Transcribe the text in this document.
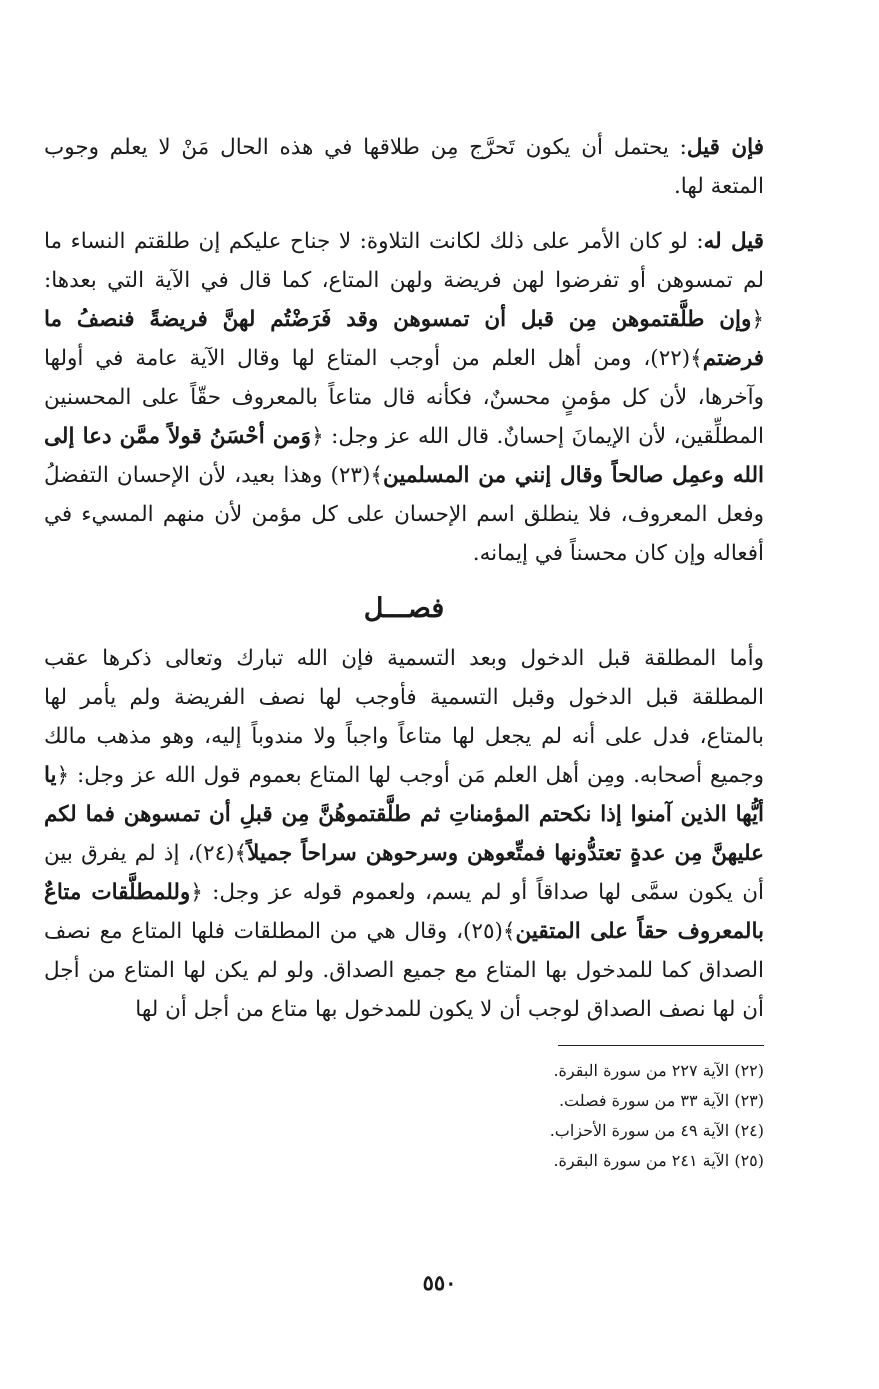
فإن قيل: يحتمل أن يكون تَحرَّج مِن طلاقها في هذه الحال مَنْ لا يعلم وجوب المتعة لها.

قيل له: لو كان الأمر على ذلك لكانت التلاوة: لا جناح عليكم إن طلقتم النساء ما لم تمسوهن أو تفرضوا لهن فريضة ولهن المتاع، كما قال في الآية التي بعدها: ﴿وإن طلَّقتموهن مِن قبل أن تمسوهن وقد فَرَضْتُم لهنَّ فريضةً فنصفُ ما فرضتم﴾(٢٢)، ومن أهل العلم من أوجب المتاع لها وقال الآية عامة في أولها وآخرها، لأن كل مؤمنٍ محسنٌ، فكأنه قال متاعاً بالمعروف حقّاً على المحسنين المطلِّقين، لأن الإيمانَ إحسانٌ. قال الله عز وجل: ﴿وَمن أحْسَنُ قولاً ممَّن دعا إلى الله وعمِل صالحاً وقال إنني من المسلمين﴾(٢٣) وهذا بعيد، لأن الإحسان التفضلُ وفعل المعروف، فلا ينطلق اسم الإحسان على كل مؤمن لأن منهم المسيء في أفعاله وإن كان محسناً في إيمانه.

فصـــل

وأما المطلقة قبل الدخول وبعد التسمية فإن الله تبارك وتعالى ذكرها عقب المطلقة قبل الدخول وقبل التسمية فأوجب لها نصف الفريضة ولم يأمر لها بالمتاع، فدل على أنه لم يجعل لها متاعاً واجباً ولا مندوباً إليه، وهو مذهب مالك وجميع أصحابه. ومِن أهل العلم مَن أوجب لها المتاع بعموم قول الله عز وجل: ﴿يا أيُّها الذين آمنوا إذا نكحتم المؤمناتِ ثم طلَّقتموهُنَّ مِن قبلِ أن تمسوهن فما لكم عليهنَّ مِن عدةٍ تعتدُّونها فمتِّعوهن وسرحوهن سراحاً جميلاً﴾(٢٤)، إذ لم يفرق بين أن يكون سمَّى لها صداقاً أو لم يسم، ولعموم قوله عز وجل: ﴿وللمطلَّقات متاعٌ بالمعروف حقاً على المتقين﴾(٢٥)، وقال هي من المطلقات فلها المتاع مع نصف الصداق كما للمدخول بها المتاع مع جميع الصداق. ولو لم يكن لها المتاع من أجل أن لها نصف الصداق لوجب أن لا يكون للمدخول بها متاع من أجل أن لها

(٢٢) الآية ٢٢٧ من سورة البقرة.
(٢٣) الآية ٣٣ من سورة فصلت.
(٢٤) الآية ٤٩ من سورة الأحزاب.
(٢٥) الآية ٢٤١ من سورة البقرة.
٥٥٠
